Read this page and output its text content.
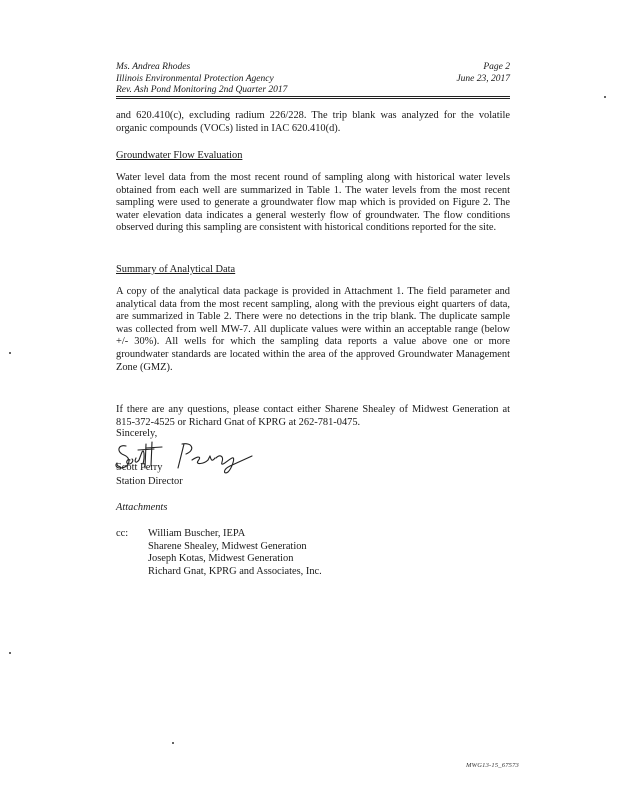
Ms. Andrea Rhodes
Illinois Environmental Protection Agency
Rev. Ash Pond Monitoring 2nd Quarter 2017
Page 2
June 23, 2017
and 620.410(c), excluding radium 226/228. The trip blank was analyzed for the volatile organic compounds (VOCs) listed in IAC 620.410(d).
Groundwater Flow Evaluation
Water level data from the most recent round of sampling along with historical water levels obtained from each well are summarized in Table 1. The water levels from the most recent sampling were used to generate a groundwater flow map which is provided on Figure 2. The water elevation data indicates a general westerly flow of groundwater. The flow conditions observed during this sampling are consistent with historical conditions reported for the site.
Summary of Analytical Data
A copy of the analytical data package is provided in Attachment 1. The field parameter and analytical data from the most recent sampling, along with the previous eight quarters of data, are summarized in Table 2. There were no detections in the trip blank. The duplicate sample was collected from well MW-7. All duplicate values were within an acceptable range (below +/- 30%). All wells for which the sampling data reports a value above one or more groundwater standards are located within the area of the approved Groundwater Management Zone (GMZ).
If there are any questions, please contact either Sharene Shealey of Midwest Generation at 815-372-4525 or Richard Gnat of KPRG at 262-781-0475.
Sincerely,
Scott Perry
Station Director
Attachments
cc: William Buscher, IEPA
Sharene Shealey, Midwest Generation
Joseph Kotas, Midwest Generation
Richard Gnat, KPRG and Associates, Inc.
MWG13-15_67573
